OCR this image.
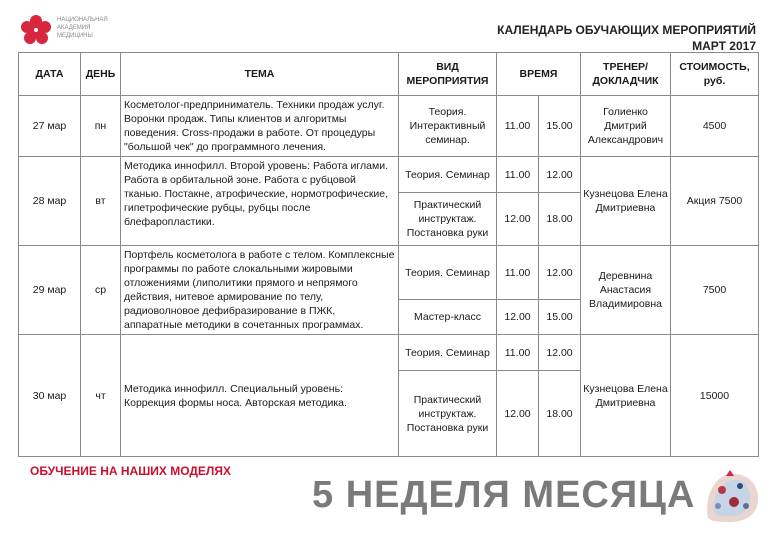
НАЦИОНАЛЬНАЯ
АКАДЕМИЯ
МЕДИЦИНЫ	КАЛЕНДАРЬ ОБУЧАЮЩИХ МЕРОПРИЯТИЙ
МАРТ 2017
ДАТА	ДЕНЬ	ТЕМА	ВИД МЕРОПРИЯТИЯ	ВРЕМЯ		ТРЕНЕР/ ДОКЛАДЧИК	СТОИМОСТЬ, руб.
27 мар	пн	Косметолог-предприниматель. Техники продаж услуг. Воронки продаж. Типы клиентов и алгоритмы поведения. Cross-продажи в работе. От процедуры "большой чек" до программного лечения.	Теория. Интерактивный семинар.	11.00	15.00	Голиенко Дмитрий Александрович	4500
28 мар	вт	Методика иннофилл. Второй уровень: Работа иглами. Работа в орбитальной зоне. Работа с рубцовой тканью. Постакне, атрофические, нормотрофические, гипетрофические рубцы, рубцы после блефаропластики.	Теория. Семинар	11.00	12.00	Кузнецова Елена Дмитриевна	Акция 7500
			Практический инструктаж. Постановка руки	12.00	18.00		
29 мар	ср	Портфель косметолога в работе с телом. Комплексные программы по работе слокальными жировыми отложениями (липолитики прямого и непрямого действия, нитевое армирование по телу, радиоволновое дефибразирование в ПЖК, аппаратные методики в сочетанных программах.	Теория. Семинар	11.00	12.00	Деревнина Анастасия Владимировна	7500
			Мастер-класс	12.00	15.00		
30 мар	чт	Методика иннофилл. Специальный уровень: Коррекция формы носа. Авторская методика.	Теория. Семинар	11.00	12.00	Кузнецова Елена Дмитриевна	15000
			Практический инструктаж. Постановка руки	12.00	18.00		
ОБУЧЕНИЕ НА НАШИХ МОДЕЛЯХ
5 НЕДЕЛЯ МЕСЯЦА
